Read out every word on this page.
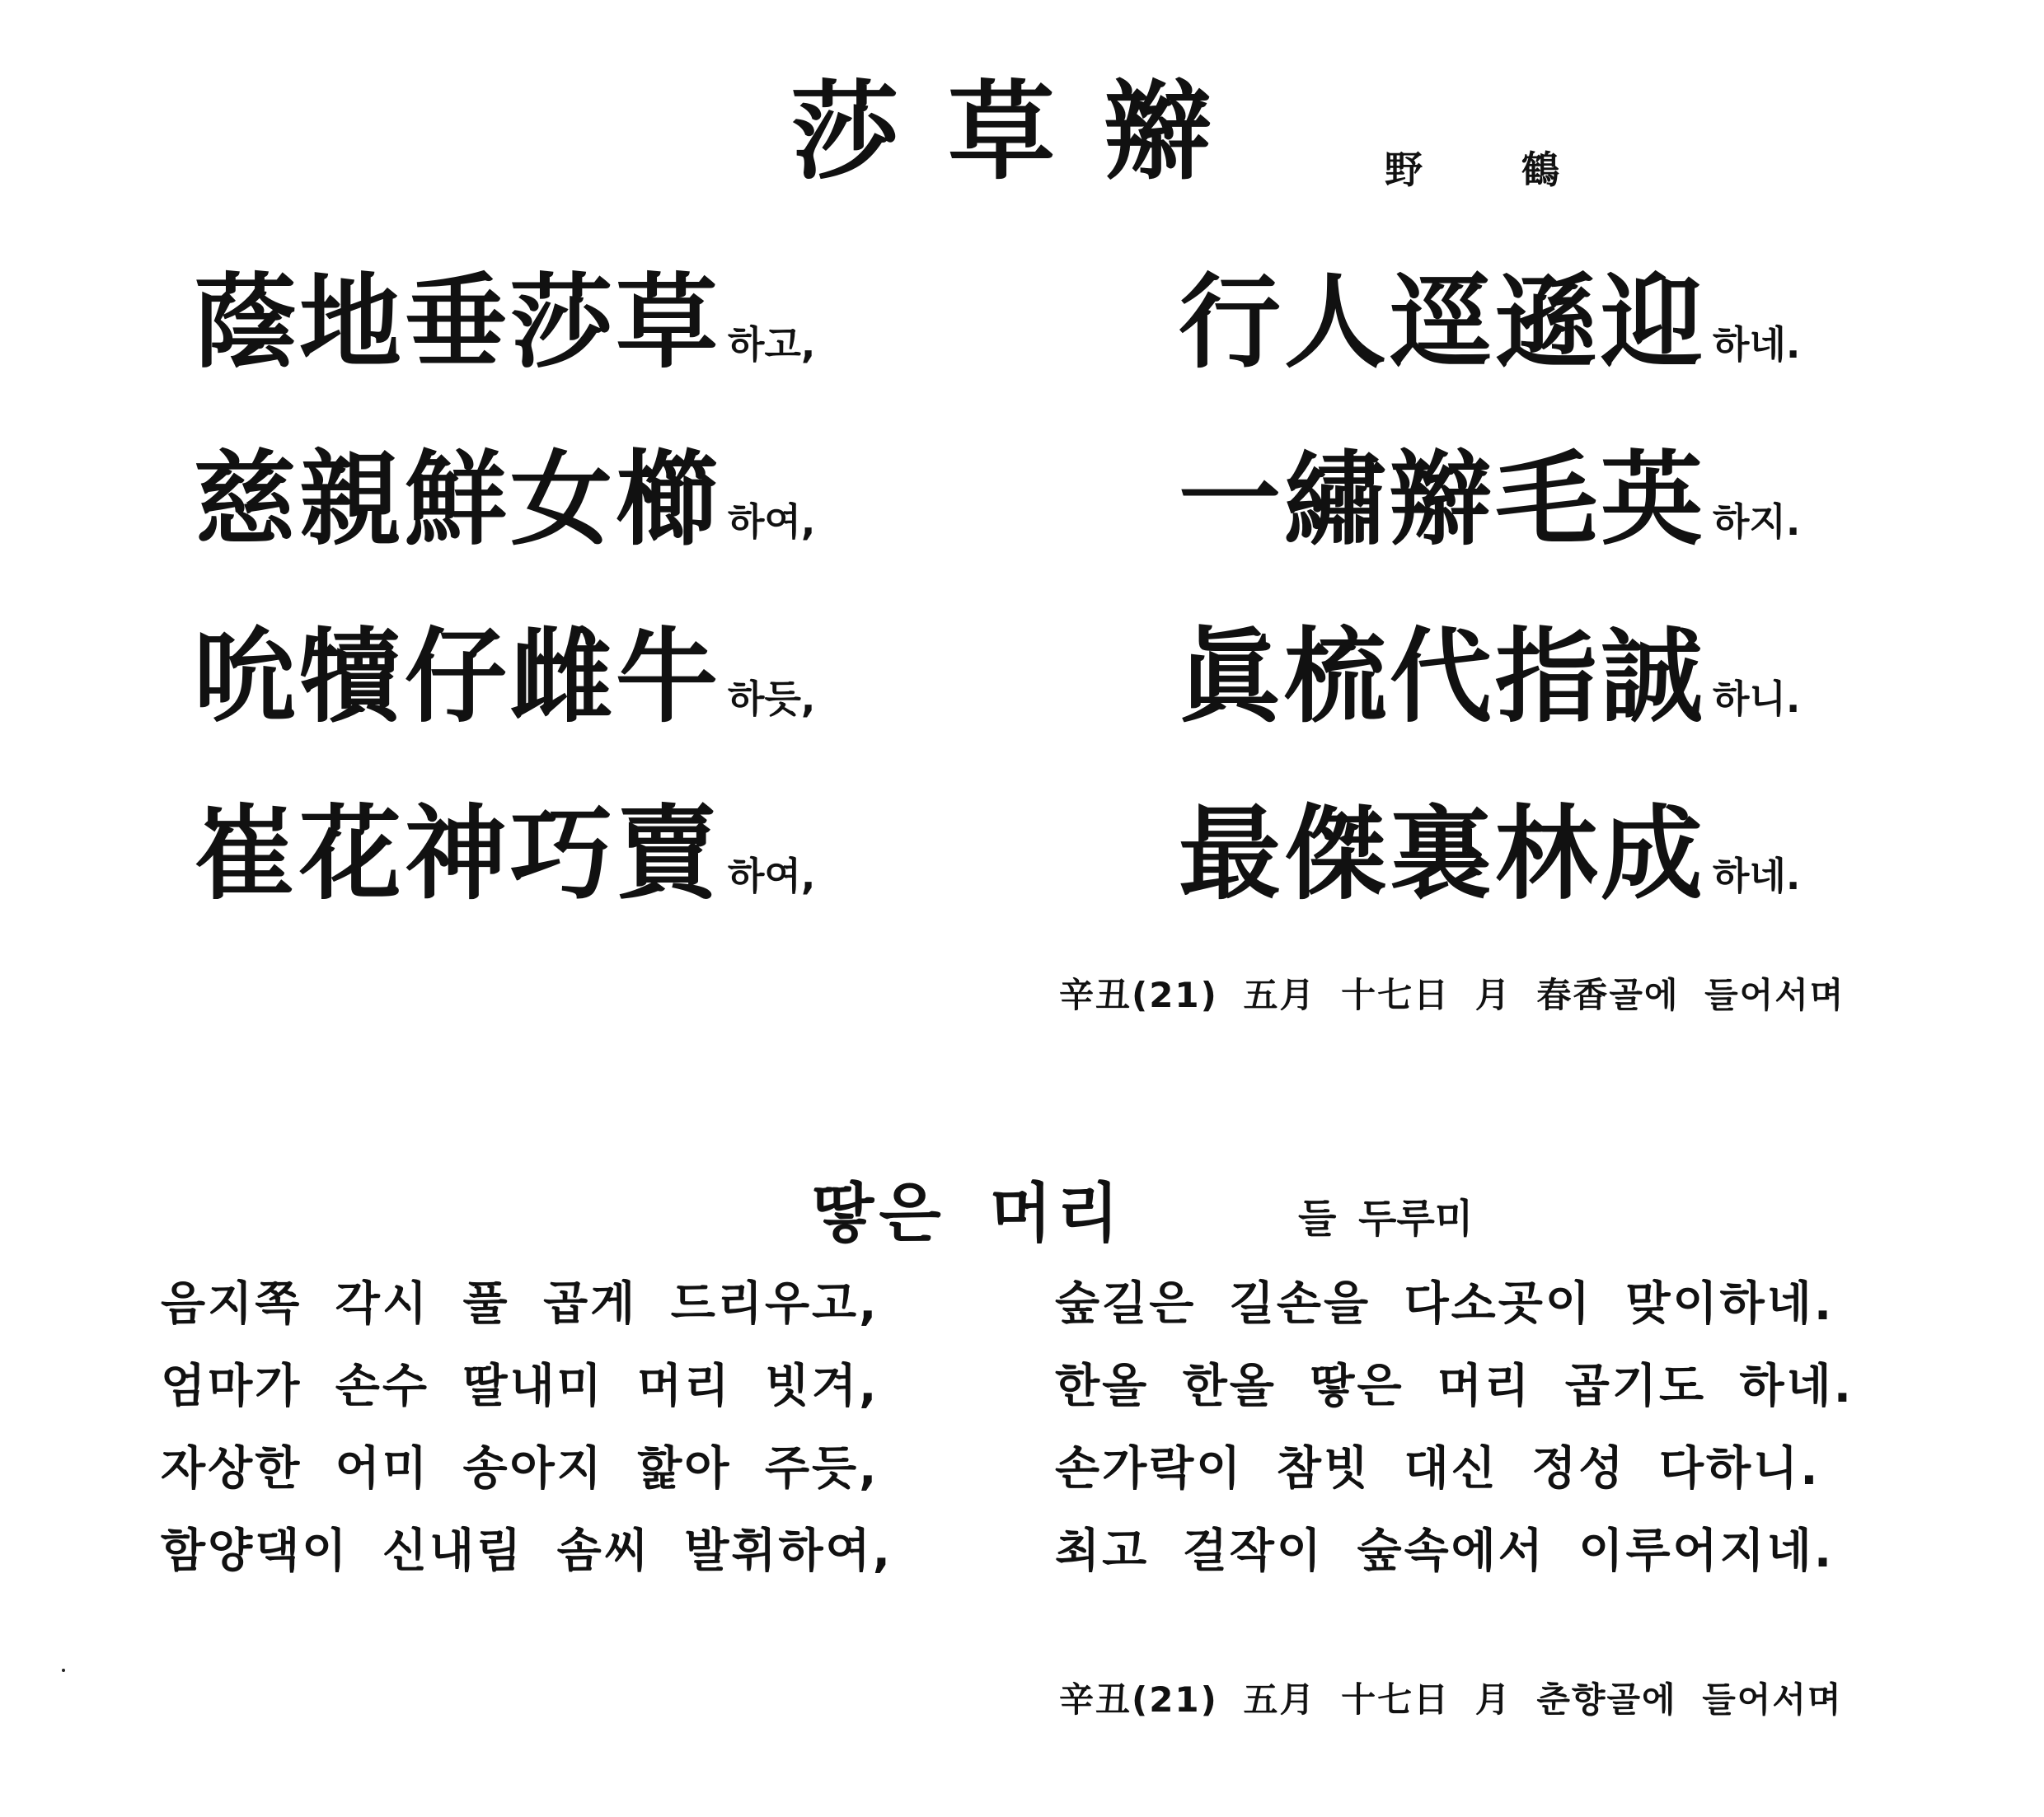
莎草辮	野鶴
蔭地垂莎草 하고,
慈親鮮女櫛 하여,
吮犢仔雌牛 하듯,
崔花神巧賣 하여,
行人逕遜迎 하네.
一繡辮毛英 하지.
眞梳代指誠 하니.
最傑裏林成 하네.
辛丑(21) 五月 十七日 月 春香골에 들어서며
땋은 머리	들 두루미
음지쪽 각시 풀 곱게 드리우고,
엄마가 손수 딸내미 머리 빗겨,
자상한 어미 송아지 핥아 주듯,
함양댁이 신내림 솜씨 발휘하여,
숲길은 길손을 다소곳이 맞이하네.
한올 한올 땋은 머리 곱기도 하네.
손가락이 참빗 대신 정성 다하니.
최고 걸작이 숲속에서 이루어지네.
辛丑(21) 五月 十七日 月 춘향골에 들어서며
